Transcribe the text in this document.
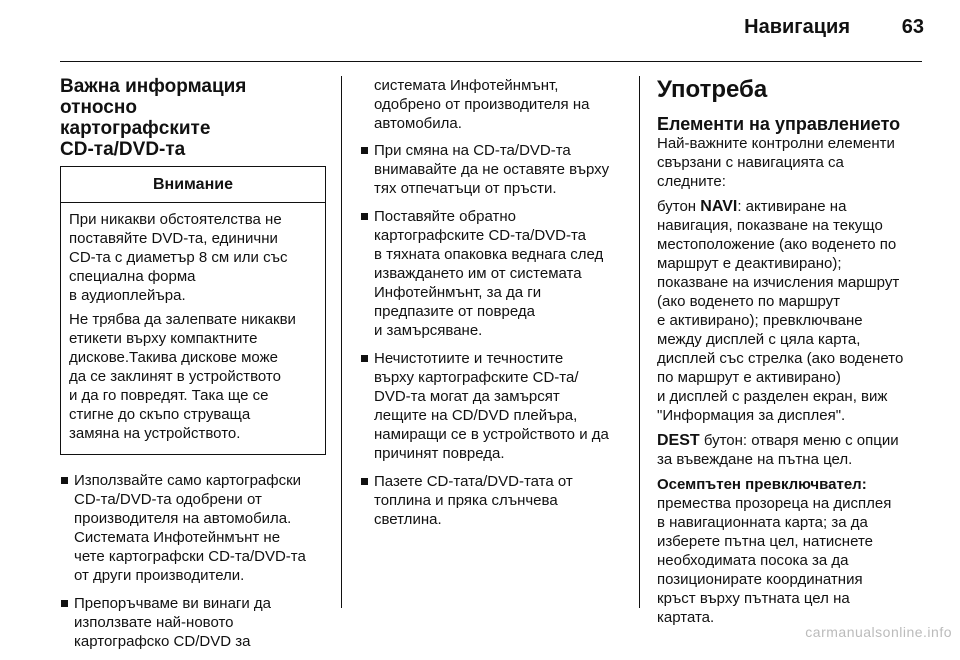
Навигация	63
Важна информация относно
картографските
CD-та/DVD-та
Внимание

При никакви обстоятелства не
поставяйте DVD-та, единични
CD-та с диаметър 8 см или със
специална форма
в аудиоплейъра.

Не трябва да залепвате никакви
етикети върху компактните
дискове.Такива дискове може
да се заклинят в устройството
и да го повредят. Така ще се
стигне до скъпо струваща
замяна на устройството.

Използвайте само картографски
CD-та/DVD-та одобрени от
производителя на автомобила.
Системата Инфотейнмънт не
чете картографски CD-та/DVD-та
от други производители.
Препоръчваме ви винаги да
използвате най-новото
картографско CD/DVD за
системата Инфотейнмънт,
одобрено от производителя на
автомобила.
При смяна на CD-та/DVD-та
внимавайте да не оставяте върху
тях отпечатъци от пръсти.
Поставяйте обратно
картографските CD-та/DVD-та
в тяхната опаковка веднага след
изваждането им от системата
Инфотейнмънт, за да ги
предпазите от повреда
и замърсяване.
Нечистотиите и течностите
върху картографските CD-та/
DVD-та могат да замърсят
лещите на CD/DVD плейъра,
намиращи се в устройството и да
причинят повреда.
Пазете CD-тата/DVD-тата от
топлина и пряка слънчева
светлина.
Употреба
Елементи на управлението

Най-важните контролни елементи
свързани с навигацията са
следните:

бутон NAVI: активиране на
навигация, показване на текущо
местоположение (ако воденето по
маршрут е деактивирано);
показване на изчисления маршрут
(ако воденето по маршрут
е активирано); превключване
между дисплей с цяла карта,
дисплей със стрелка (ако воденето
по маршрут е активирано)
и дисплей с разделен екран, виж
"Информация за дисплея".

DEST бутон: отваря меню с опции
за въвеждане на пътна цел.

Осемпътен превключвател:

премества прозореца на дисплея
в навигационната карта; за да
изберете пътна цел, натиснете
необходимата посока за да
позиционирате координатния
кръст върху пътната цел на
картата.

carmanualsonline.info
